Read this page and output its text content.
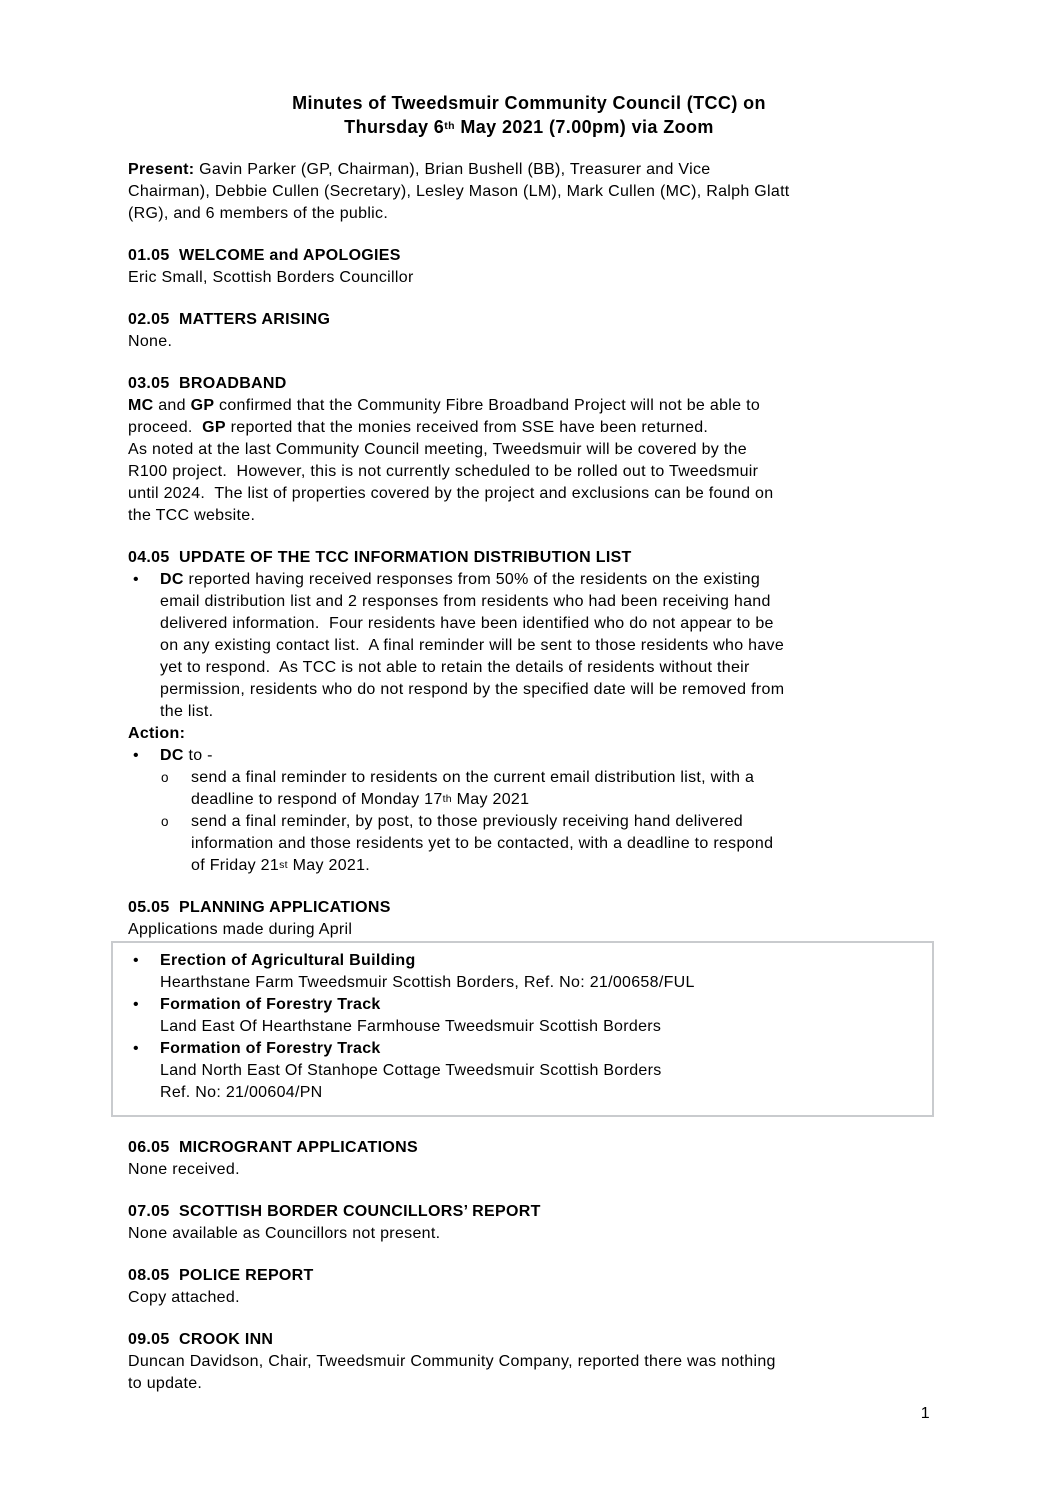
Minutes of Tweedsmuir Community Council (TCC) on
Thursday 6th May 2021 (7.00pm) via Zoom
Present: Gavin Parker (GP, Chairman), Brian Bushell (BB), Treasurer and Vice
Chairman), Debbie Cullen (Secretary), Lesley Mason (LM), Mark Cullen (MC), Ralph Glatt
(RG), and 6 members of the public.
01.05  WELCOME and APOLOGIES
Eric Small, Scottish Borders Councillor
02.05  MATTERS ARISING
None.
03.05  BROADBAND
MC and GP confirmed that the Community Fibre Broadband Project will not be able to
proceed.  GP reported that the monies received from SSE have been returned.
As noted at the last Community Council meeting, Tweedsmuir will be covered by the
R100 project.  However, this is not currently scheduled to be rolled out to Tweedsmuir
until 2024.  The list of properties covered by the project and exclusions can be found on
the TCC website.
04.05  UPDATE OF THE TCC INFORMATION DISTRIBUTION LIST
•	DC reported having received responses from 50% of the residents on the existing
email distribution list and 2 responses from residents who had been receiving hand
delivered information.  Four residents have been identified who do not appear to be
on any existing contact list.  A final reminder will be sent to those residents who have
yet to respond.  As TCC is not able to retain the details of residents without their
permission, residents who do not respond by the specified date will be removed from
the list.
Action:
•	DC to -
o	send a final reminder to residents on the current email distribution list, with a
deadline to respond of Monday 17th May 2021
o	send a final reminder, by post, to those previously receiving hand delivered
information and those residents yet to be contacted, with a deadline to respond
of Friday 21st May 2021.
05.05  PLANNING APPLICATIONS
Applications made during April
•	Erection of Agricultural Building
Hearthstane Farm Tweedsmuir Scottish Borders, Ref. No: 21/00658/FUL
•	Formation of Forestry Track
Land East Of Hearthstane Farmhouse Tweedsmuir Scottish Borders
•	Formation of Forestry Track
Land North East Of Stanhope Cottage Tweedsmuir Scottish Borders
Ref. No: 21/00604/PN
06.05  MICROGRANT APPLICATIONS
None received.
07.05  SCOTTISH BORDER COUNCILLORS’ REPORT
None available as Councillors not present.
08.05  POLICE REPORT
Copy attached.
09.05  CROOK INN
Duncan Davidson, Chair, Tweedsmuir Community Company, reported there was nothing
to update.
1
